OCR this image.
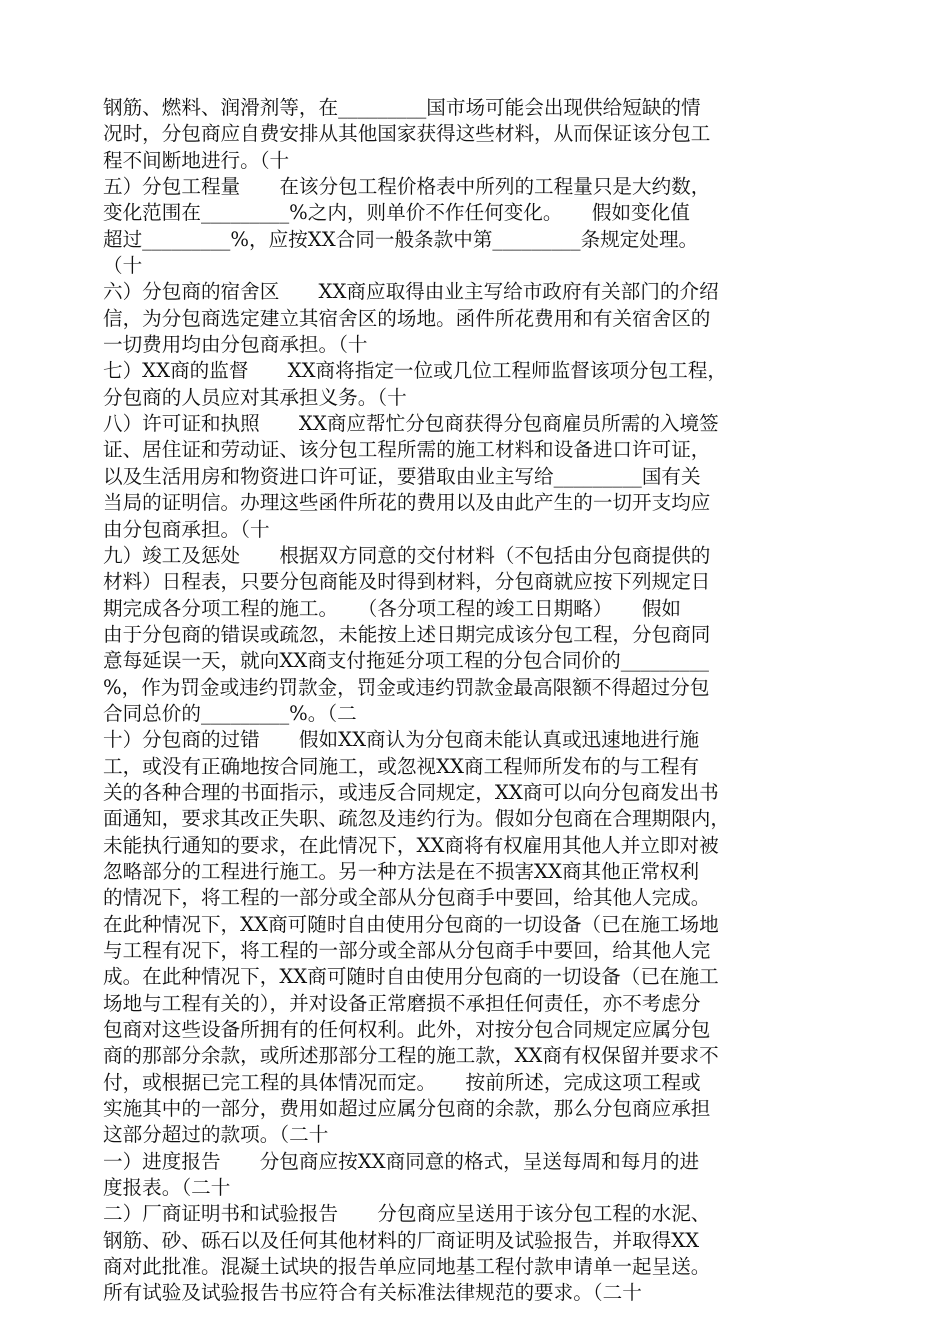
钢筋、燃料、润滑剂等，在_________国市场可能会出现供给短缺的情
况时，分包商应自费安排从其他国家获得这些材料，从而保证该分包工
程不间断地进行。（十
五）分包工程量　　在该分包工程价格表中所列的工程量只是大约数，
变化范围在_________%之内，则单价不作任何变化。　　假如变化值
超过_________%，应按XX合同一般条款中第_________条规定处理。
（十
六）分包商的宿舍区　　XX商应取得由业主写给市政府有关部门的介绍
信，为分包商选定建立其宿舍区的场地。函件所花费用和有关宿舍区的
一切费用均由分包商承担。（十
七）XX商的监督　　XX商将指定一位或几位工程师监督该项分包工程，
分包商的人员应对其承担义务。（十
八）许可证和执照　　XX商应帮忙分包商获得分包商雇员所需的入境签
证、居住证和劳动证、该分包工程所需的施工材料和设备进口许可证，
以及生活用房和物资进口许可证，要猎取由业主写给_________国有关
当局的证明信。办理这些函件所花的费用以及由此产生的一切开支均应
由分包商承担。（十
九）竣工及惩处　　根据双方同意的交付材料（不包括由分包商提供的
材料）日程表，只要分包商能及时得到材料，分包商就应按下列规定日
期完成各分项工程的施工。　　（各分项工程的竣工日期略）　　假如
由于分包商的错误或疏忽，未能按上述日期完成该分包工程，分包商同
意每延误一天，就向XX商支付拖延分项工程的分包合同价的_________
%，作为罚金或违约罚款金，罚金或违约罚款金最高限额不得超过分包
合同总价的_________%。（二
十）分包商的过错　　假如XX商认为分包商未能认真或迅速地进行施
工，或没有正确地按合同施工，或忽视XX商工程师所发布的与工程有
关的各种合理的书面指示，或违反合同规定，XX商可以向分包商发出书
面通知，要求其改正失职、疏忽及违约行为。假如分包商在合理期限内，
未能执行通知的要求，在此情况下，XX商将有权雇用其他人并立即对被
忽略部分的工程进行施工。另一种方法是在不损害XX商其他正常权利
的情况下，将工程的一部分或全部从分包商手中要回，给其他人完成。
在此种情况下，XX商可随时自由使用分包商的一切设备（已在施工场地
与工程有况下，将工程的一部分或全部从分包商手中要回，给其他人完
成。在此种情况下，XX商可随时自由使用分包商的一切设备（已在施工
场地与工程有关的），并对设备正常磨损不承担任何责任，亦不考虑分
包商对这些设备所拥有的任何权利。此外，对按分包合同规定应属分包
商的那部分余款，或所述那部分工程的施工款，XX商有权保留并要求不
付，或根据已完工程的具体情况而定。　　按前所述，完成这项工程或
实施其中的一部分，费用如超过应属分包商的余款，那么分包商应承担
这部分超过的款项。（二十
一）进度报告　　分包商应按XX商同意的格式，呈送每周和每月的进
度报表。（二十
二）厂商证明书和试验报告　　分包商应呈送用于该分包工程的水泥、
钢筋、砂、砾石以及任何其他材料的厂商证明及试验报告，并取得XX
商对此批准。混凝土试块的报告单应同地基工程付款申请单一起呈送。
所有试验及试验报告书应符合有关标准法律规范的要求。（二十
